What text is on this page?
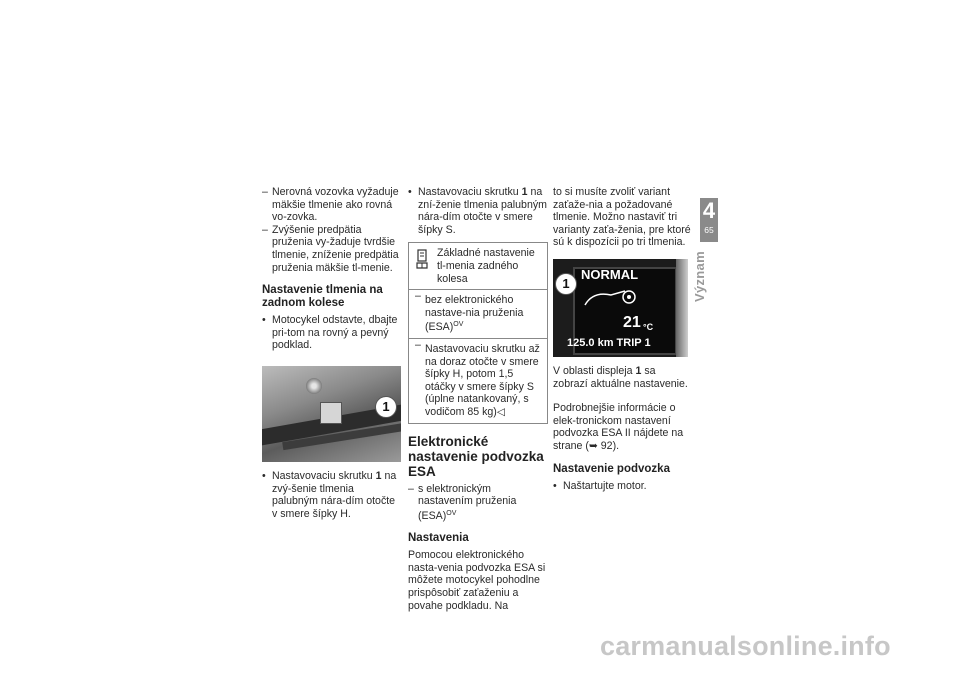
– Nerovná vozovka vyžaduje mäkšie tlmenie ako rovná vo-zovka.
– Zvýšenie predpätia pruženia vy-žaduje tvrdšie tlmenie, zníženie predpätia pruženia mäkšie tl-menie.
Nastavenie tlmenia na zadnom kolese
• Motocykel odstavte, dbajte pri-tom na rovný a pevný podklad.
1
• Nastavovaciu skrutku 1 na zvý-šenie tlmenia palubným nára-dím otočte v smere šípky H.
• Nastavovaciu skrutku 1 na zní-ženie tlmenia palubným nára-dím otočte v smere šípky S.
Základné nastavenie tl-menia zadného kolesa
– bez elektronického nastave-nia pruženia (ESA)$^{OV}$
– Nastavovaciu skrutku až na doraz otočte v smere šípky H, potom 1,5 otáčky v smere šípky S (úplne natankovaný, s vodičom 85 kg)◁
Elektronické nastavenie podvozka ESA
– s elektronickým nastavením pruženia (ESA)$^{OV}$
Nastavenia

Pomocou elektronického nasta-venia podvozka ESA si môžete motocykel pohodlne prispôsobiť zaťaženiu a povahe podkladu. Na

to si musíte zvoliť variant zaťaže-nia a požadované tlmenie. Možno nastaviť tri varianty zaťa-ženia, pre ktoré sú k dispozícii po tri tlmenia.

NORMAL
21 °C
125.0 km TRIP 1
1

V oblasti displeja 1 sa zobrazí aktuálne nastavenie.

Podrobnejšie informácie o elek-tronickom nastavení podvozka ESA II nájdete na strane (➥ 92).

Nastavenie podvozka
• Naštartujte motor.
4
65
Význam
carmanualsonline.info
